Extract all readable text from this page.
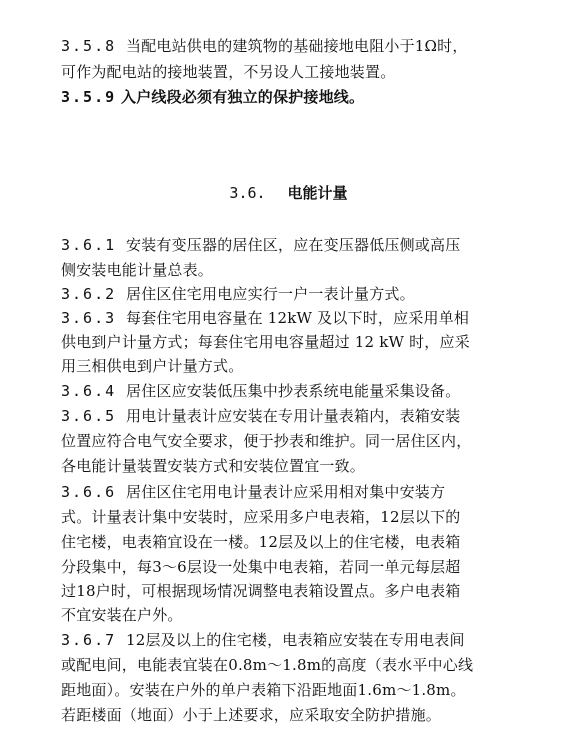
3.5.8 当配电站供电的建筑物的基础接地电阻小于1Ω时，
可作为配电站的接地装置，不另设人工接地装置。
3.5.9 入户线段必须有独立的保护接地线。
3.6. 电能计量
3.6.1 安装有变压器的居住区，应在变压器低压侧或高压
侧安装电能计量总表。
3.6.2 居住区住宅用电应实行一户一表计量方式。
3.6.3 每套住宅用电容量在 12kW 及以下时，应采用单相
供电到户计量方式；每套住宅用电容量超过 12 kW 时，应采
用三相供电到户计量方式。
3.6.4 居住区应安装低压集中抄表系统电能量采集设备。
3.6.5 用电计量表计应安装在专用计量表箱内，表箱安装
位置应符合电气安全要求，便于抄表和维护。同一居住区内，
各电能计量装置安装方式和安装位置宜一致。
3.6.6 居住区住宅用电计量表计应采用相对集中安装方
式。计量表计集中安装时，应采用多户电表箱，12层以下的
住宅楼，电表箱宜设在一楼。12层及以上的住宅楼，电表箱
分段集中，每3～6层设一处集中电表箱，若同一单元每层超
过18户时，可根据现场情况调整电表箱设置点。多户电表箱
不宜安装在户外。
3.6.7 12层及以上的住宅楼，电表箱应安装在专用电表间
或配电间，电能表宜装在0.8m～1.8m的高度（表水平中心线
距地面）。安装在户外的单户表箱下沿距地面1.6m～1.8m。
若距楼面（地面）小于上述要求，应采取安全防护措施。
